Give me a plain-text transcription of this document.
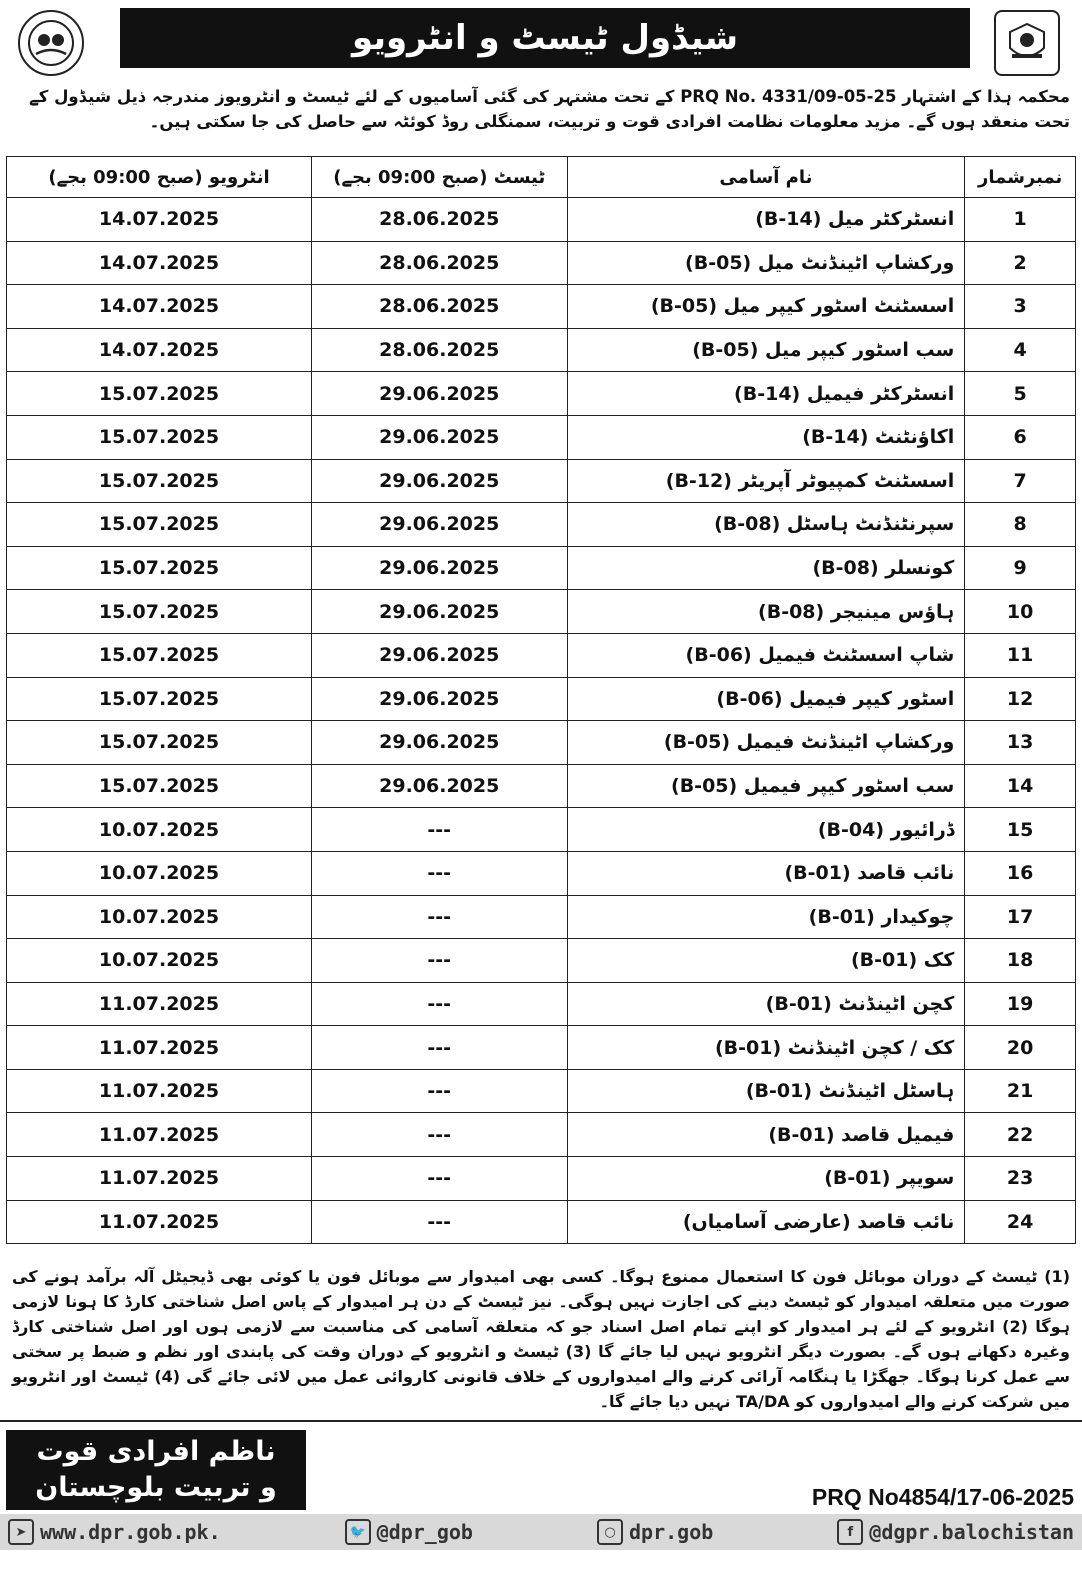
شیڈول ٹیسٹ و انٹرویو
محکمہ ہذا کے اشتہار PRQ No. 4331/09-05-25 کے تحت مشتہر کی گئی آسامیوں کے لئے ٹیسٹ و انٹرویوز مندرجہ ذیل شیڈول کے تحت منعقد ہوں گے۔ مزید معلومات نظامت افرادی قوت و تربیت، سمنگلی روڈ کوئٹہ سے حاصل کی جا سکتی ہیں۔
نمبرشمار	نام آسامی	ٹیسٹ (صبح 09:00 بجے)	انٹرویو (صبح 09:00 بجے)
1	انسٹرکٹر میل (B-14)	28.06.2025	14.07.2025
2	ورکشاپ اٹینڈنٹ میل (B-05)	28.06.2025	14.07.2025
3	اسسٹنٹ اسٹور کیپر میل (B-05)	28.06.2025	14.07.2025
4	سب اسٹور کیپر میل (B-05)	28.06.2025	14.07.2025
5	انسٹرکٹر فیمیل (B-14)	29.06.2025	15.07.2025
6	اکاؤنٹنٹ (B-14)	29.06.2025	15.07.2025
7	اسسٹنٹ کمپیوٹر آپریٹر (B-12)	29.06.2025	15.07.2025
8	سپرنٹنڈنٹ ہاسٹل (B-08)	29.06.2025	15.07.2025
9	کونسلر (B-08)	29.06.2025	15.07.2025
10	ہاؤس مینیجر (B-08)	29.06.2025	15.07.2025
11	شاپ اسسٹنٹ فیمیل (B-06)	29.06.2025	15.07.2025
12	اسٹور کیپر فیمیل (B-06)	29.06.2025	15.07.2025
13	ورکشاپ اٹینڈنٹ فیمیل (B-05)	29.06.2025	15.07.2025
14	سب اسٹور کیپر فیمیل (B-05)	29.06.2025	15.07.2025
15	ڈرائیور (B-04)	---	10.07.2025
16	نائب قاصد (B-01)	---	10.07.2025
17	چوکیدار (B-01)	---	10.07.2025
18	کک (B-01)	---	10.07.2025
19	کچن اٹینڈنٹ (B-01)	---	11.07.2025
20	کک / کچن اٹینڈنٹ (B-01)	---	11.07.2025
21	ہاسٹل اٹینڈنٹ (B-01)	---	11.07.2025
22	فیمیل قاصد (B-01)	---	11.07.2025
23	سویپر (B-01)	---	11.07.2025
24	نائب قاصد (عارضی آسامیاں)	---	11.07.2025
(1) ٹیسٹ کے دوران موبائل فون کا استعمال ممنوع ہوگا۔ کسی بھی امیدوار سے موبائل فون یا کوئی بھی ڈیجیٹل آلہ برآمد ہونے کی صورت میں متعلقہ امیدوار کو ٹیسٹ دینے کی اجازت نہیں ہوگی۔ نیز ٹیسٹ کے دن ہر امیدوار کے پاس اصل شناختی کارڈ کا ہونا لازمی ہوگا (2) انٹرویو کے لئے ہر امیدوار کو اپنے تمام اصل اسناد جو کہ متعلقہ آسامی کی مناسبت سے لازمی ہوں اور اصل شناختی کارڈ وغیرہ دکھانے ہوں گے۔ بصورت دیگر انٹرویو نہیں لیا جائے گا (3) ٹیسٹ و انٹرویو کے دوران وقت کی پابندی اور نظم و ضبط پر سختی سے عمل کرنا ہوگا۔ جھگڑا یا ہنگامہ آرائی کرنے والے امیدواروں کے خلاف قانونی کاروائی عمل میں لائی جائے گی (4) ٹیسٹ اور انٹرویو میں شرکت کرنے والے امیدواروں کو TA/DA نہیں دیا جائے گا۔
ناظم افرادی قوت
و تربیت بلوچستان	PRQ No4854/17-06-2025
➤ www.dpr.gob.pk.	🐦 @dpr_gob	○ dpr.gob	f @dgpr.balochistan
